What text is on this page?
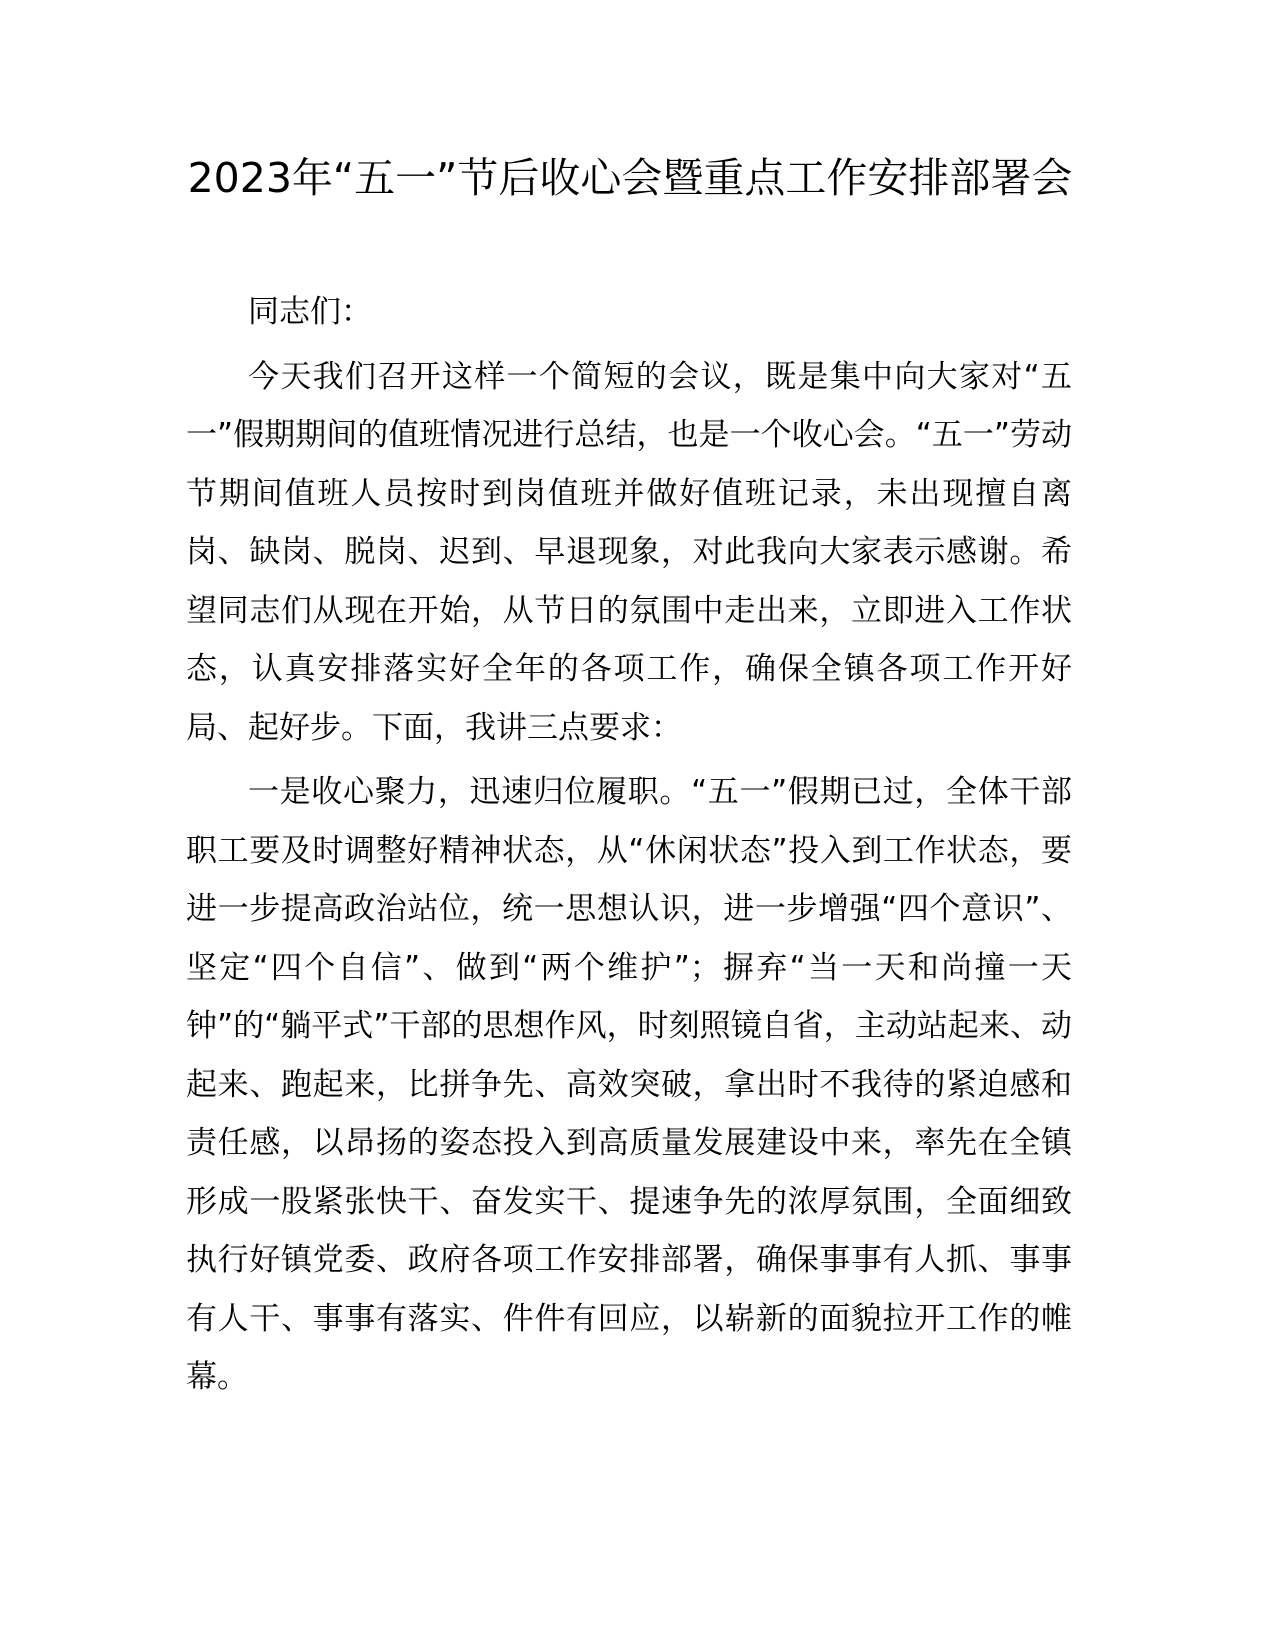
2023年“五一”节后收心会暨重点工作安排部署会

同志们：

今天我们召开这样一个简短的会议，既是集中向大家对“五一”假期期间的值班情况进行总结，也是一个收心会。“五一”劳动节期间值班人员按时到岗值班并做好值班记录，未出现擅自离岗、缺岗、脱岗、迟到、早退现象，对此我向大家表示感谢。希望同志们从现在开始，从节日的氛围中走出来，立即进入工作状态，认真安排落实好全年的各项工作，确保全镇各项工作开好局、起好步。下面，我讲三点要求：

一是收心聚力，迅速归位履职。“五一”假期已过，全体干部职工要及时调整好精神状态，从“休闲状态”投入到工作状态，要进一步提高政治站位，统一思想认识，进一步增强“四个意识”、坚定“四个自信”、做到“两个维护”；摒弃“当一天和尚撞一天钟”的“躺平式”干部的思想作风，时刻照镜自省，主动站起来、动起来、跑起来，比拼争先、高效突破，拿出时不我待的紧迫感和责任感，以昂扬的姿态投入到高质量发展建设中来，率先在全镇形成一股紧张快干、奋发实干、提速争先的浓厚氛围，全面细致执行好镇党委、政府各项工作安排部署，确保事事有人抓、事事有人干、事事有落实、件件有回应，以崭新的面貌拉开工作的帷幕。
